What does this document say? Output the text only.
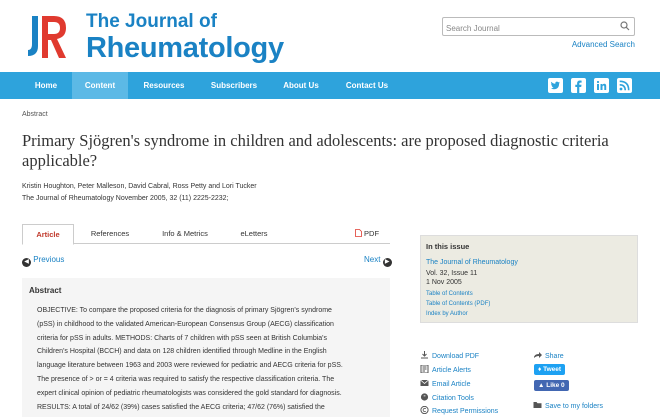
The Journal of
Rheumatology
Search Journal	Advanced Search
Home	Content	Resources	Subscribers	About Us	Contact Us
Abstract
Primary Sjögren's syndrome in children and adolescents: are proposed diagnostic criteria applicable?
Kristin Houghton, Peter Malleson, David Cabral, Ross Petty and Lori Tucker
The Journal of Rheumatology November 2005, 32 (11) 2225-2232;
Article	References	Info & Metrics	eLetters	PDF
◀ Previous	Next ▶
Abstract
OBJECTIVE: To compare the proposed criteria for the diagnosis of primary Sjögren's syndrome
(pSS) in childhood to the validated American-European Consensus Group (AECG) classification
criteria for pSS in adults. METHODS: Charts of 7 children with pSS seen at British Columbia's
Children's Hospital (BCCH) and data on 128 children identified through Medline in the English
language literature between 1963 and 2003 were reviewed for pediatric and AECG criteria for pSS.
The presence of > or = 4 criteria was required to satisfy the respective classification criteria. The
expert clinical opinion of pediatric rheumatologists was considered the gold standard for diagnosis.
RESULTS: A total of 24/62 (39%) cases satisfied the AECG criteria; 47/62 (76%) satisfied the
In this issue
The Journal of Rheumatology
Vol. 32, Issue 11
1 Nov 2005
Table of Contents
Table of Contents (PDF)
Index by Author
Download PDF
Article Alerts
Email Article
" Citation Tools
Request Permissions
Share
♦ Tweet
▲ Like 0
Save to my folders
